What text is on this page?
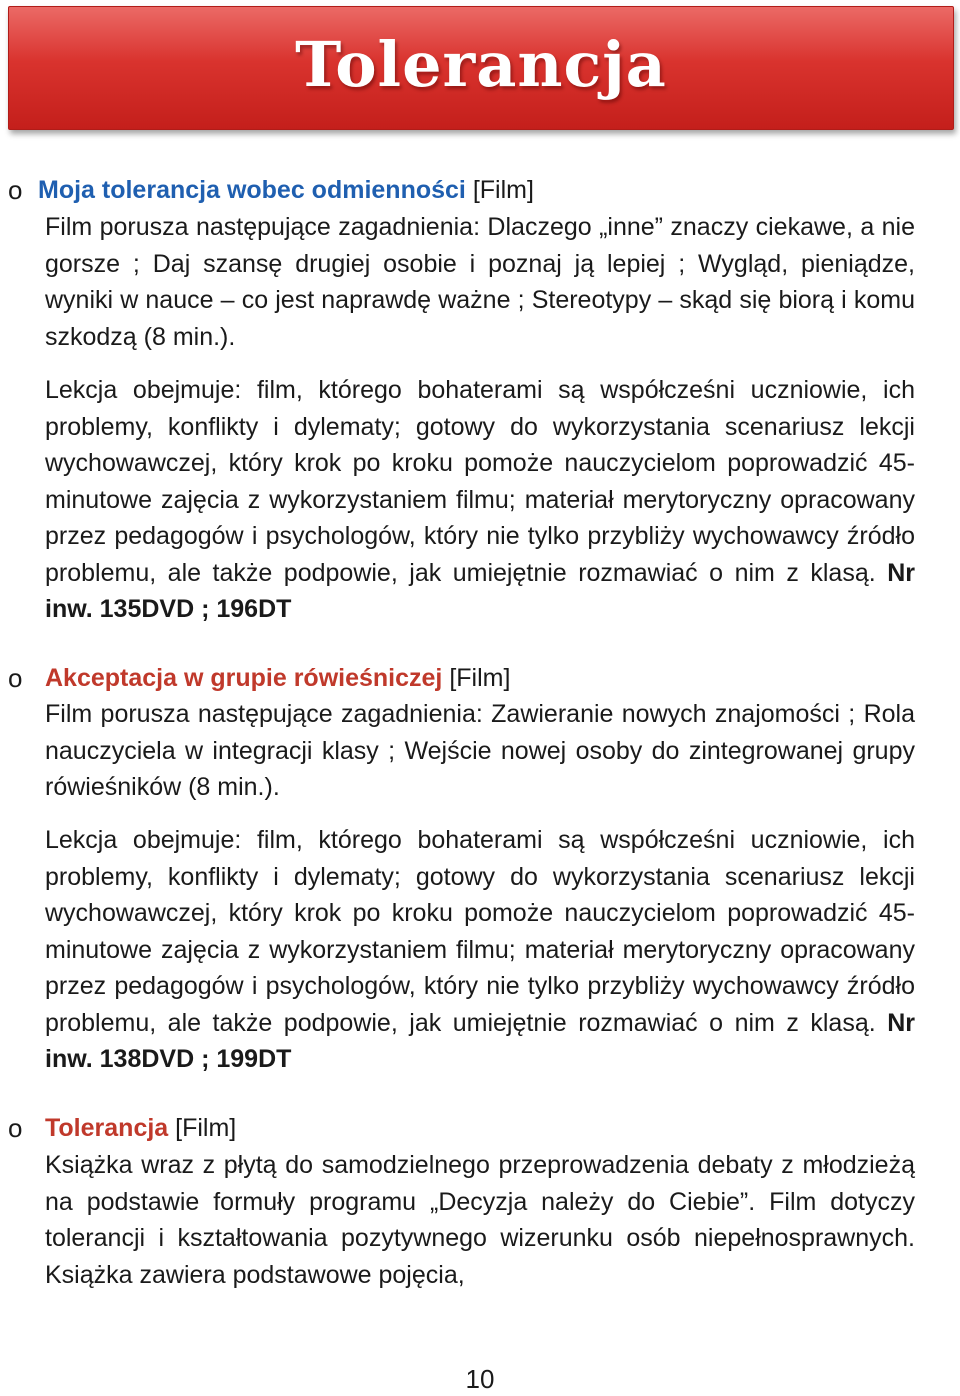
Tolerancja
o Moja tolerancja wobec odmienności [Film]

Film porusza następujące zagadnienia: Dlaczego „inne” znaczy ciekawe, a nie gorsze ; Daj szansę drugiej osobie i poznaj ją lepiej ; Wygląd, pieniądze, wyniki w nauce – co jest naprawdę ważne ; Stereotypy – skąd się biorą i komu szkodzą (8 min.).

Lekcja obejmuje: film, którego bohaterami są współcześni uczniowie, ich problemy, konflikty i dylematy; gotowy do wykorzystania scenariusz lekcji wychowawczej, który krok po kroku pomoże nauczycielom poprowadzić 45-minutowe zajęcia z wykorzystaniem filmu; materiał merytoryczny opracowany przez pedagogów i psychologów, który nie tylko przybliży wychowawcy źródło problemu, ale także podpowie, jak umiejętnie rozmawiać o nim z klasą. Nr inw. 135DVD ; 196DT

o Akceptacja w grupie rówieśniczej [Film]

Film porusza następujące zagadnienia: Zawieranie nowych znajomości ; Rola nauczyciela w integracji klasy ; Wejście nowej osoby do zintegrowanej grupy rówieśników (8 min.).

Lekcja obejmuje: film, którego bohaterami są współcześni uczniowie, ich problemy, konflikty i dylematy; gotowy do wykorzystania scenariusz lekcji wychowawczej, który krok po kroku pomoże nauczycielom poprowadzić 45-minutowe zajęcia z wykorzystaniem filmu; materiał merytoryczny opracowany przez pedagogów i psychologów, który nie tylko przybliży wychowawcy źródło problemu, ale także podpowie, jak umiejętnie rozmawiać o nim z klasą. Nr inw. 138DVD ; 199DT

o Tolerancja [Film]

Książka wraz z płytą do samodzielnego przeprowadzenia debaty z młodzieżą na podstawie formuły programu „Decyzja należy do Ciebie”. Film dotyczy tolerancji i kształtowania pozytywnego wizerunku osób niepełnosprawnych. Książka zawiera podstawowe pojęcia,

10
